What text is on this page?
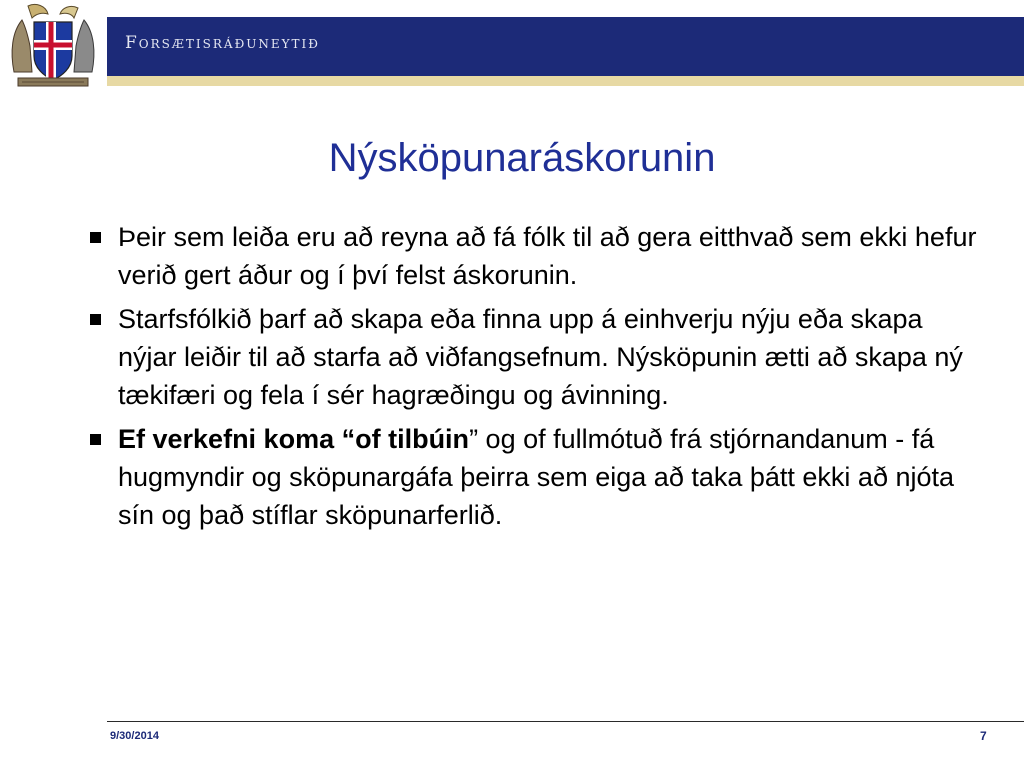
Forsætisráðuneytið
Nýsköpunaráskorunin
Þeir sem leiða eru að reyna að fá fólk til að gera eitthvað sem ekki hefur verið gert áður og í því felst áskorunin.
Starfsfólkið þarf að skapa eða finna upp á einhverju nýju eða skapa nýjar leiðir til að starfa að viðfangsefnum. Nýsköpunin ætti að skapa ný tækifæri og fela í sér hagræðingu og ávinning.
Ef verkefni koma “of tilbúin” og of fullmótuð frá stjórnandanum - fá hugmyndir og sköpunargáfa þeirra sem eiga að taka þátt ekki að njóta sín og það stíflar sköpunarferlið.
9/30/2014	7
